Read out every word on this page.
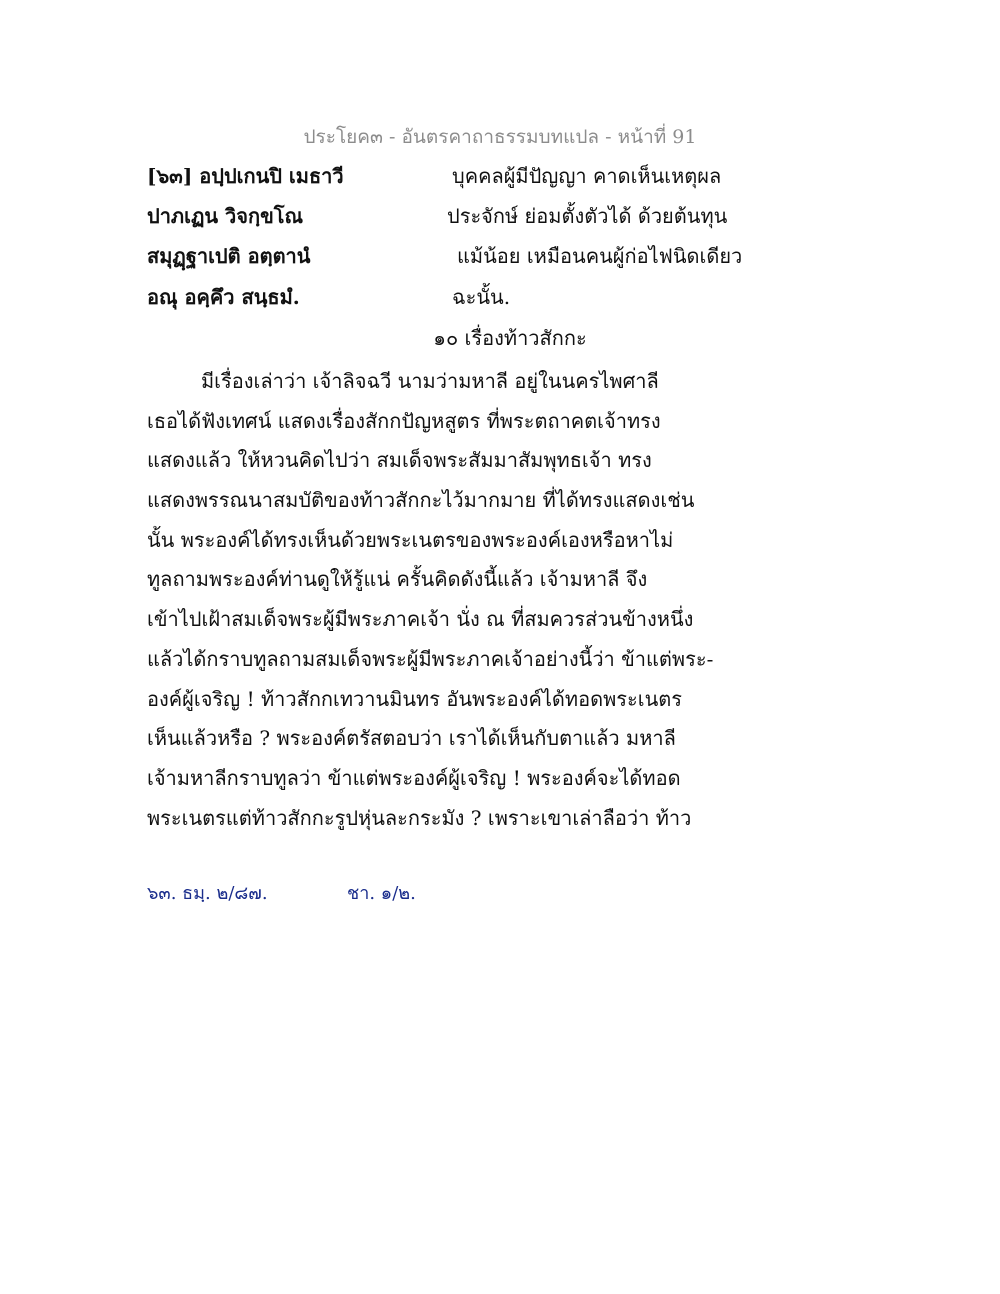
ประโยค๓ - อันตรคาถาธรรมบทแปล - หน้าที่ 91
[๖๓] อปฺปเกนปิ เมธาวี	บุคคลผู้มีปัญญา คาดเห็นเหตุผล
ปาภเฏน วิจกฺขโณ	ประจักษ์ ย่อมตั้งตัวได้ ด้วยต้นทุน
สมุฏฺฐาเปติ อตฺตานํ	แม้น้อย เหมือนคนผู้ก่อไฟนิดเดียว
อณุ อคฺคึว สนฺธมํ.	ฉะนั้น.
๑๐ เรื่องท้าวสักกะ
มีเรื่องเล่าว่า เจ้าลิจฉวี นามว่ามหาลี อยู่ในนครไพศาลี
เธอได้ฟังเทศน์ แสดงเรื่องสักกปัญหสูตร ที่พระตถาคตเจ้าทรง
แสดงแล้ว ให้หวนคิดไปว่า สมเด็จพระสัมมาสัมพุทธเจ้า ทรง
แสดงพรรณนาสมบัติของท้าวสักกะไว้มากมาย ที่ได้ทรงแสดงเช่น
นั้น พระองค์ได้ทรงเห็นด้วยพระเนตรของพระองค์เองหรือหาไม่
ทูลถามพระองค์ท่านดูให้รู้แน่ ครั้นคิดดังนี้แล้ว เจ้ามหาลี จึง
เข้าไปเฝ้าสมเด็จพระผู้มีพระภาคเจ้า นั่ง ณ ที่สมควรส่วนข้างหนึ่ง
แล้วได้กราบทูลถามสมเด็จพระผู้มีพระภาคเจ้าอย่างนี้ว่า ข้าแต่พระ-
องค์ผู้เจริญ ! ท้าวสักกเทวานมินทร อันพระองค์ได้ทอดพระเนตร
เห็นแล้วหรือ ? พระองค์ตรัสตอบว่า เราได้เห็นกับตาแล้ว มหาลี
เจ้ามหาลีกราบทูลว่า ข้าแต่พระองค์ผู้เจริญ ! พระองค์จะได้ทอด
พระเนตรแต่ท้าวสักกะรูปหุ่นละกระมัง ? เพราะเขาเล่าลือว่า ท้าว
๖๓. ธมฺ. ๒/๘๗.	ชา. ๑/๒.
